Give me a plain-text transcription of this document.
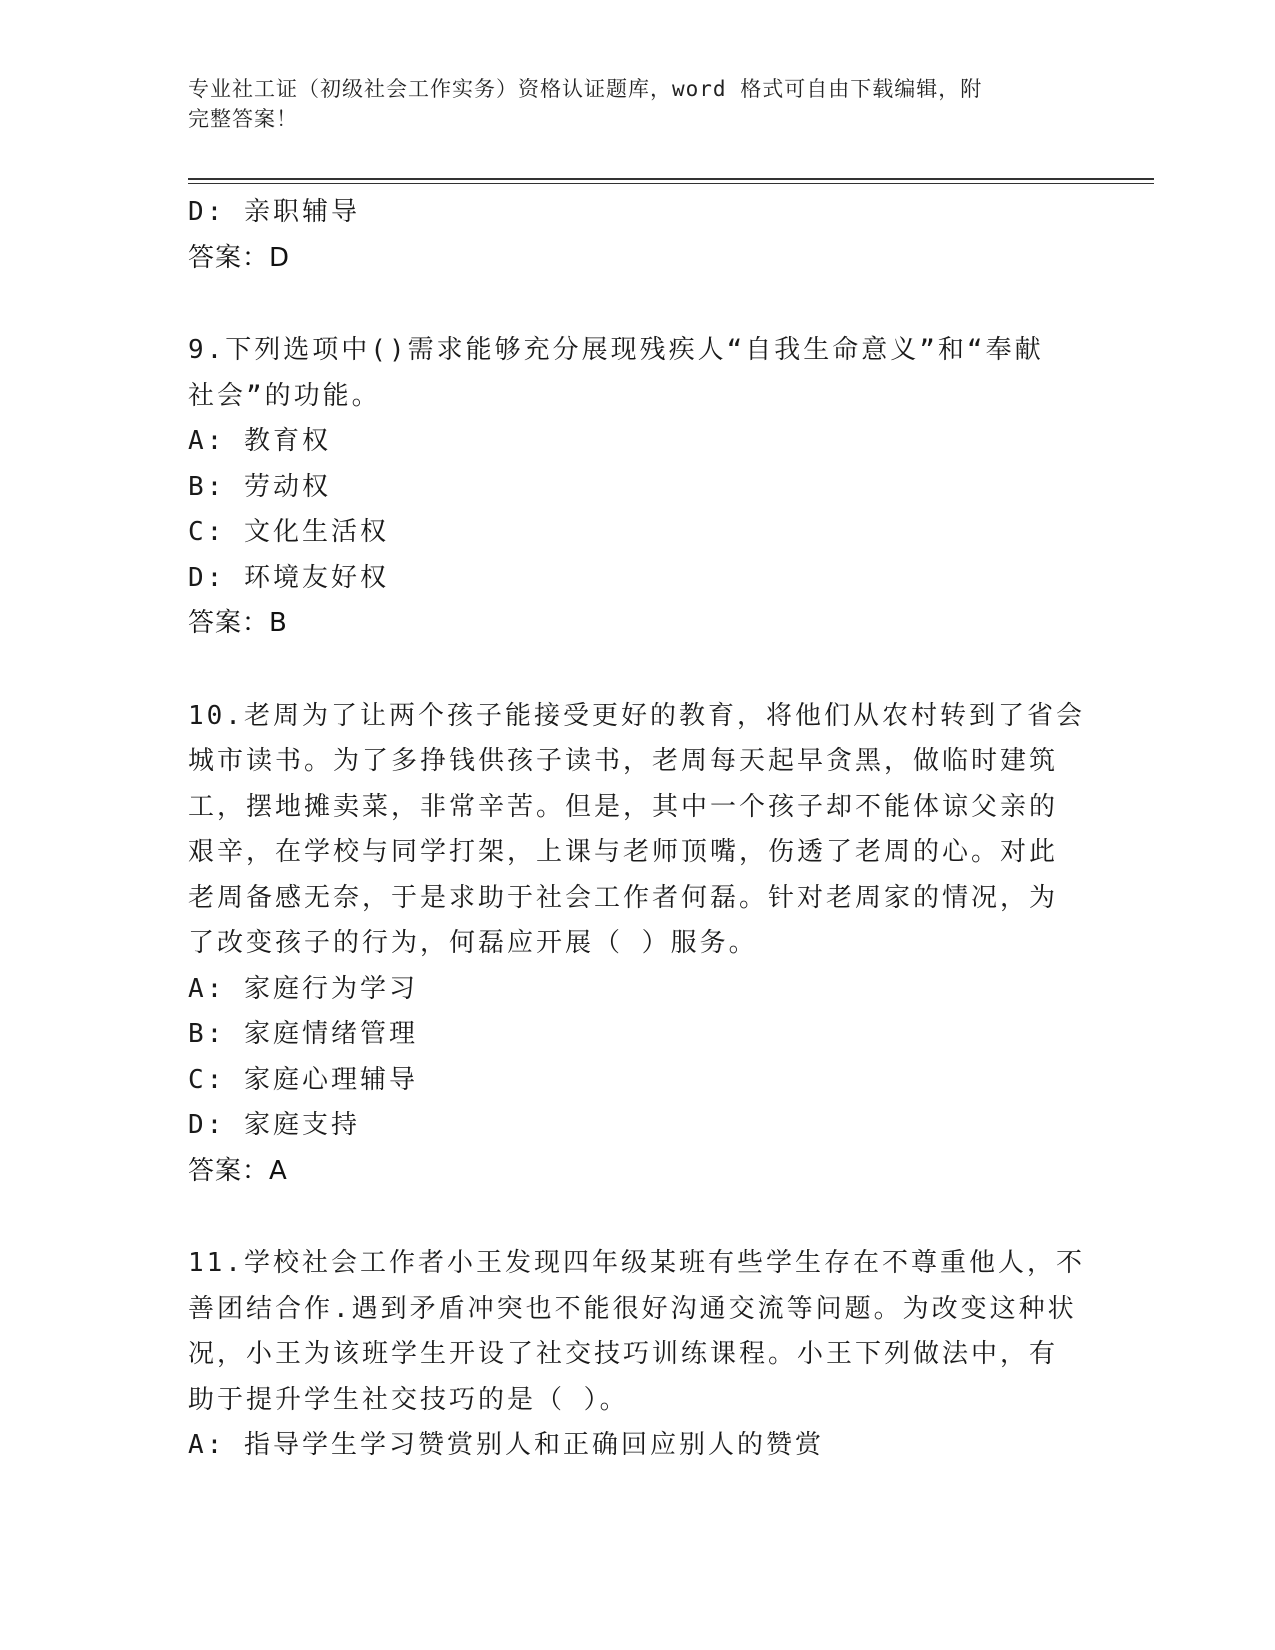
专业社工证（初级社会工作实务）资格认证题库，word 格式可自由下载编辑，附
完整答案！
D: 亲职辅导
答案：D
9.下列选项中()需求能够充分展现残疾人“自我生命意义”和“奉献
社会”的功能。
A: 教育权
B: 劳动权
C: 文化生活权
D: 环境友好权
答案：B
10.老周为了让两个孩子能接受更好的教育，将他们从农村转到了省会
城市读书。为了多挣钱供孩子读书，老周每天起早贪黑，做临时建筑
工，摆地摊卖菜，非常辛苦。但是，其中一个孩子却不能体谅父亲的
艰辛，在学校与同学打架，上课与老师顶嘴，伤透了老周的心。对此
老周备感无奈，于是求助于社会工作者何磊。针对老周家的情况，为
了改变孩子的行为，何磊应开展（ ）服务。
A: 家庭行为学习
B: 家庭情绪管理
C: 家庭心理辅导
D: 家庭支持
答案：A
11.学校社会工作者小王发现四年级某班有些学生存在不尊重他人，不
善团结合作.遇到矛盾冲突也不能很好沟通交流等问题。为改变这种状
况，小王为该班学生开设了社交技巧训练课程。小王下列做法中，有
助于提升学生社交技巧的是（ ）。
A: 指导学生学习赞赏别人和正确回应别人的赞赏
